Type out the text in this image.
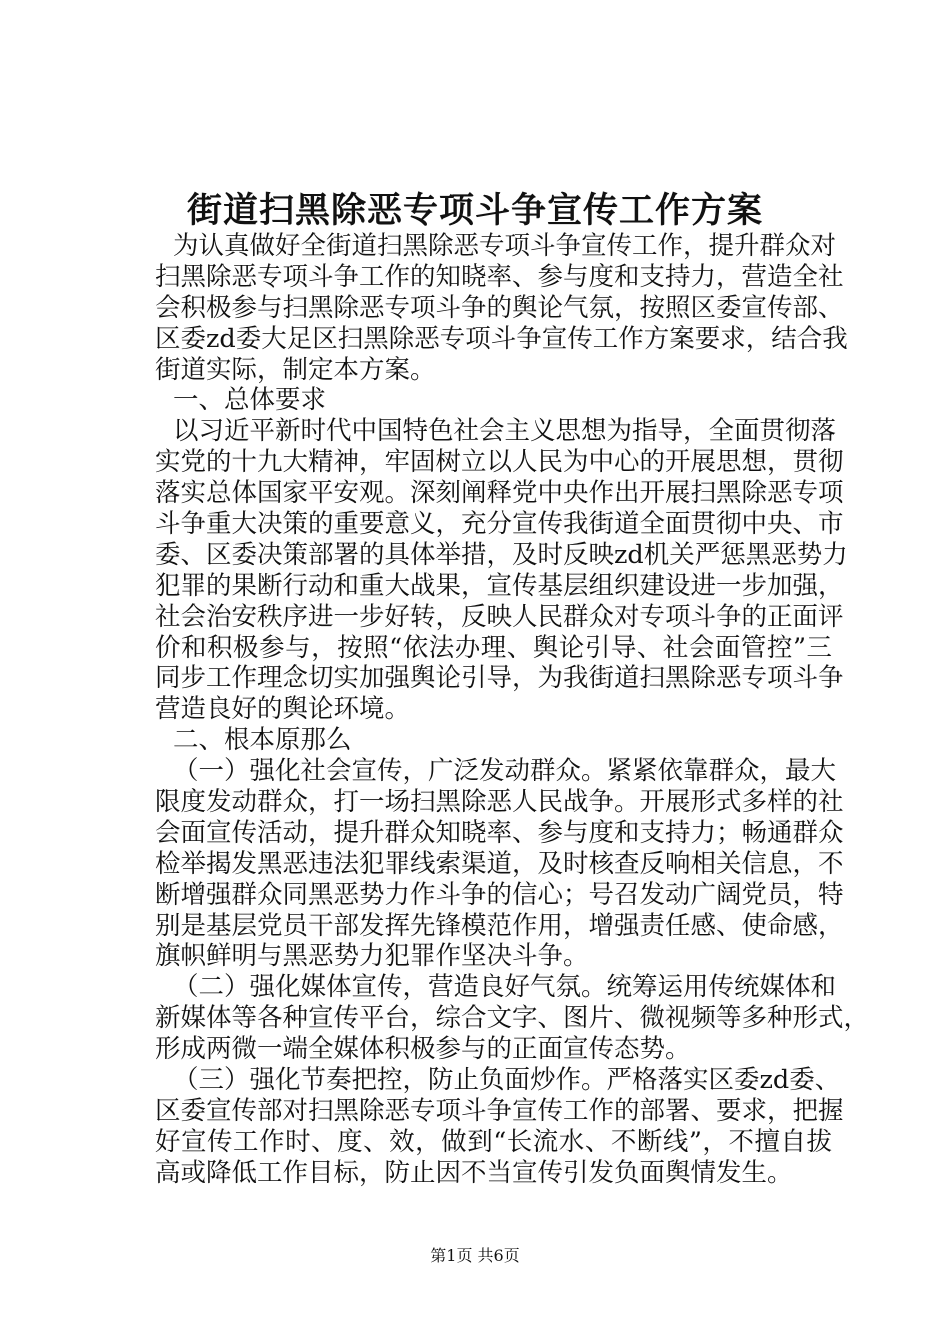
街道扫黑除恶专项斗争宣传工作方案
为认真做好全街道扫黑除恶专项斗争宣传工作，提升群众对
扫黑除恶专项斗争工作的知晓率、参与度和支持力，营造全社
会积极参与扫黑除恶专项斗争的舆论气氛，按照区委宣传部、
区委zd委大足区扫黑除恶专项斗争宣传工作方案要求，结合我
街道实际，制定本方案。
一、总体要求
以习近平新时代中国特色社会主义思想为指导，全面贯彻落
实党的十九大精神，牢固树立以人民为中心的开展思想，贯彻
落实总体国家平安观。深刻阐释党中央作出开展扫黑除恶专项
斗争重大决策的重要意义，充分宣传我街道全面贯彻中央、市
委、区委决策部署的具体举措，及时反映zd机关严惩黑恶势力
犯罪的果断行动和重大战果，宣传基层组织建设进一步加强，
社会治安秩序进一步好转，反映人民群众对专项斗争的正面评
价和积极参与，按照“依法办理、舆论引导、社会面管控”三
同步工作理念切实加强舆论引导，为我街道扫黑除恶专项斗争
营造良好的舆论环境。
二、根本原那么
（一）强化社会宣传，广泛发动群众。紧紧依靠群众，最大
限度发动群众，打一场扫黑除恶人民战争。开展形式多样的社
会面宣传活动，提升群众知晓率、参与度和支持力；畅通群众
检举揭发黑恶违法犯罪线索渠道，及时核查反响相关信息，不
断增强群众同黑恶势力作斗争的信心；号召发动广阔党员，特
别是基层党员干部发挥先锋模范作用，增强责任感、使命感，
旗帜鲜明与黑恶势力犯罪作坚决斗争。
（二）强化媒体宣传，营造良好气氛。统筹运用传统媒体和
新媒体等各种宣传平台，综合文字、图片、微视频等多种形式，
形成两微一端全媒体积极参与的正面宣传态势。
（三）强化节奏把控，防止负面炒作。严格落实区委zd委、
区委宣传部对扫黑除恶专项斗争宣传工作的部署、要求，把握
好宣传工作时、度、效，做到“长流水、不断线”，不擅自拔
高或降低工作目标，防止因不当宣传引发负面舆情发生。
第1页 共6页
